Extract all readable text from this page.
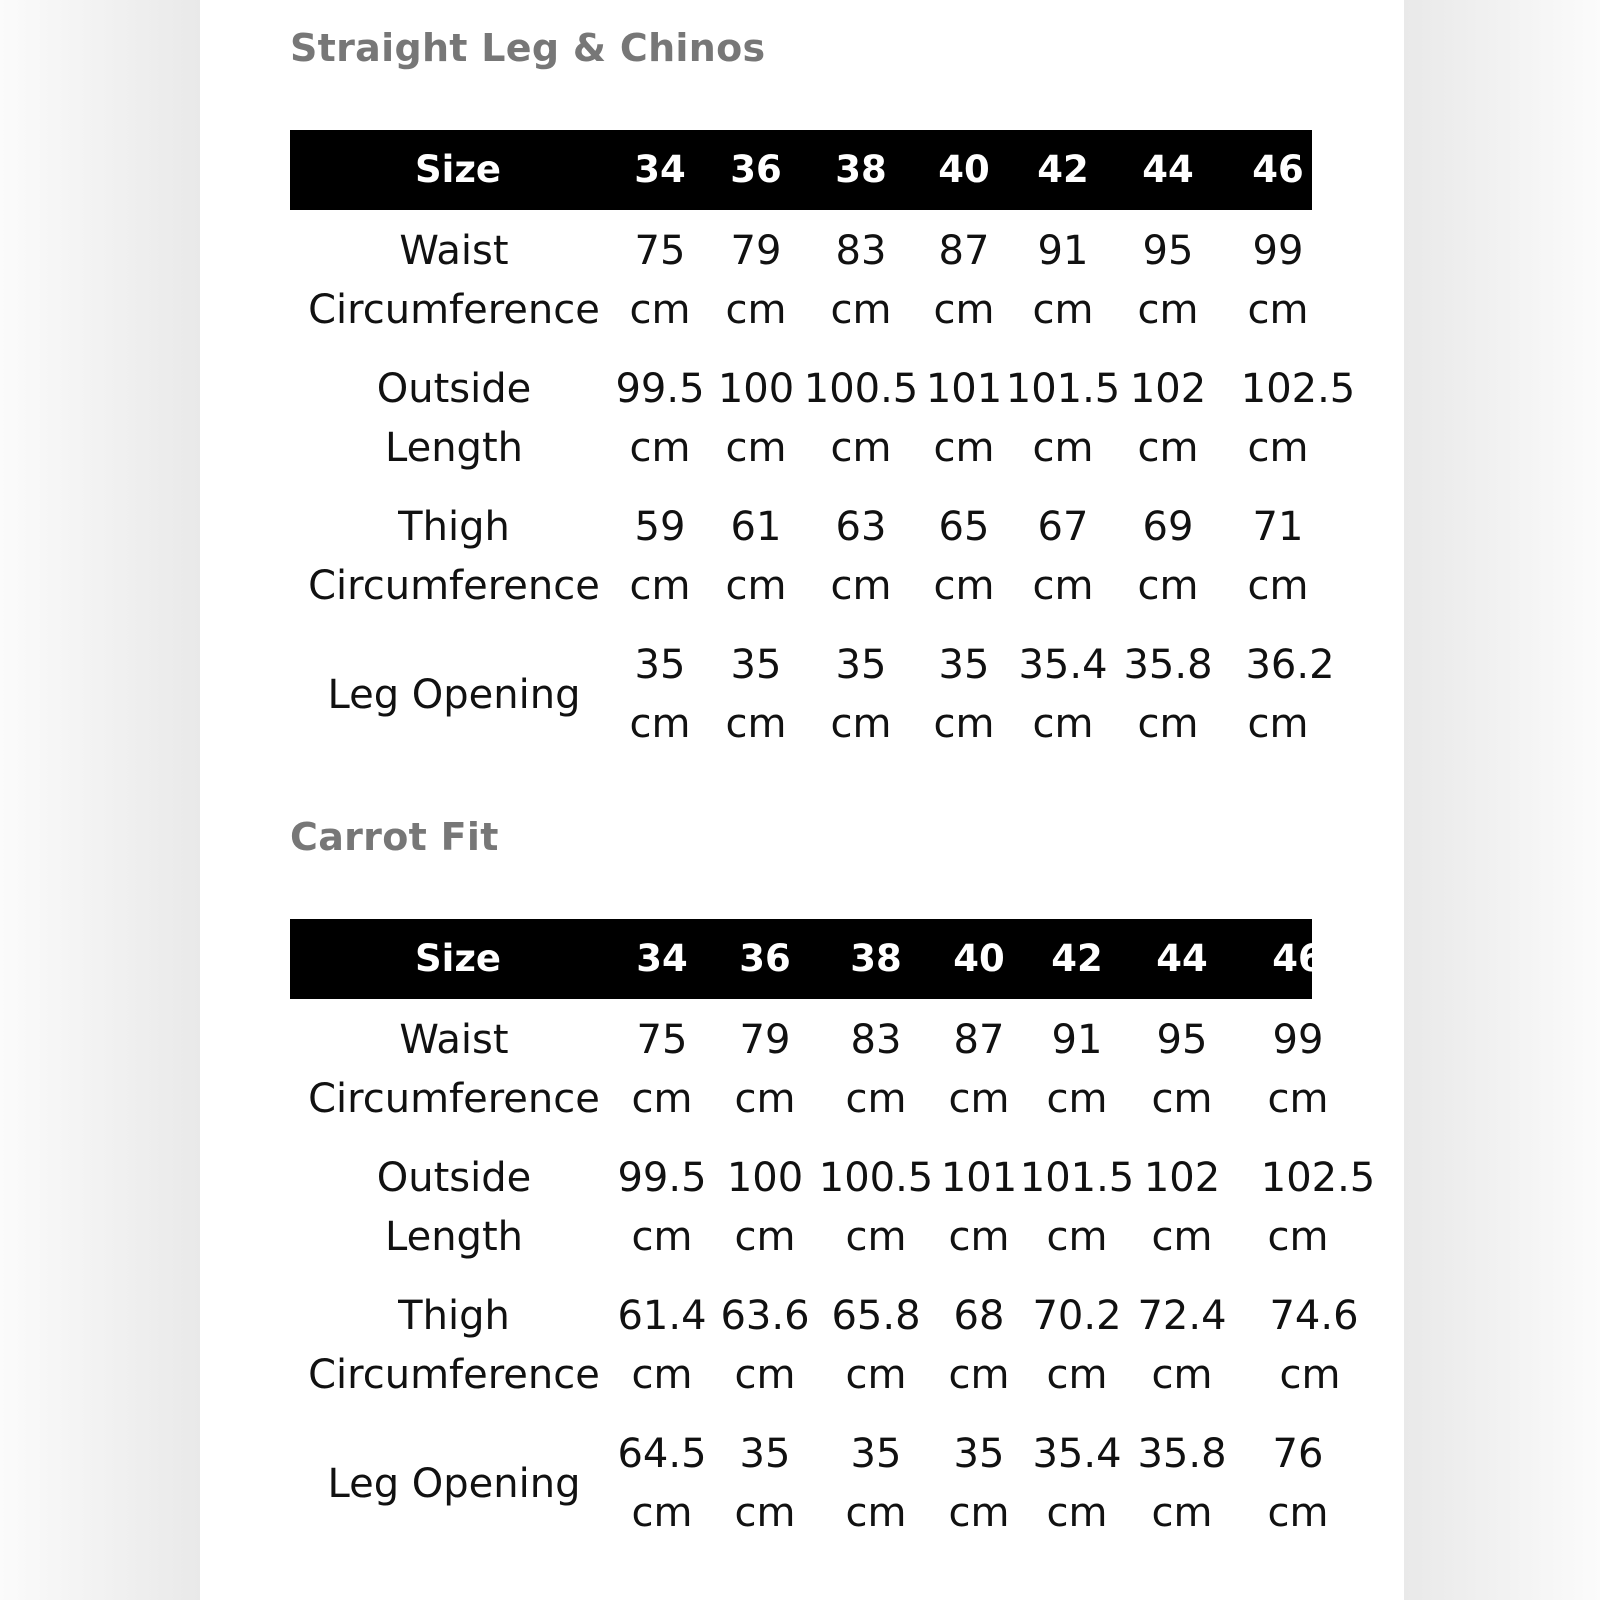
Straight Leg & Chinos
Size	34 36 38 40 42 44 46
Waist
Circumference
75
cm
79
cm
83
cm
87
cm
91
cm
95
cm
99
cm
Outside
Length
99.5
cm
100
cm
100.5
cm
101
cm
101.5
cm
102
cm
102.5
cm
Thigh
Circumference
59
cm
61
cm
63
cm
65
cm
67
cm
69
cm
71
cm
Leg Opening
35
cm
35
cm
35
cm
35
cm
35.4
cm
35.8
cm
36.2
cm
Carrot Fit
Size	34 36 38 40 42 44 46
Waist
Circumference
75
cm
79
cm
83
cm
87
cm
91
cm
95
cm
99
cm
Outside
Length
99.5
cm
100
cm
100.5
cm
101
cm
101.5
cm
102
cm
102.5
cm
Thigh
Circumference
61.4
cm
63.6
cm
65.8
cm
68
cm
70.2
cm
72.4
cm
74.6
cm
Leg Opening
64.5
cm
35
cm
35
cm
35
cm
35.4
cm
35.8
cm
76
cm
